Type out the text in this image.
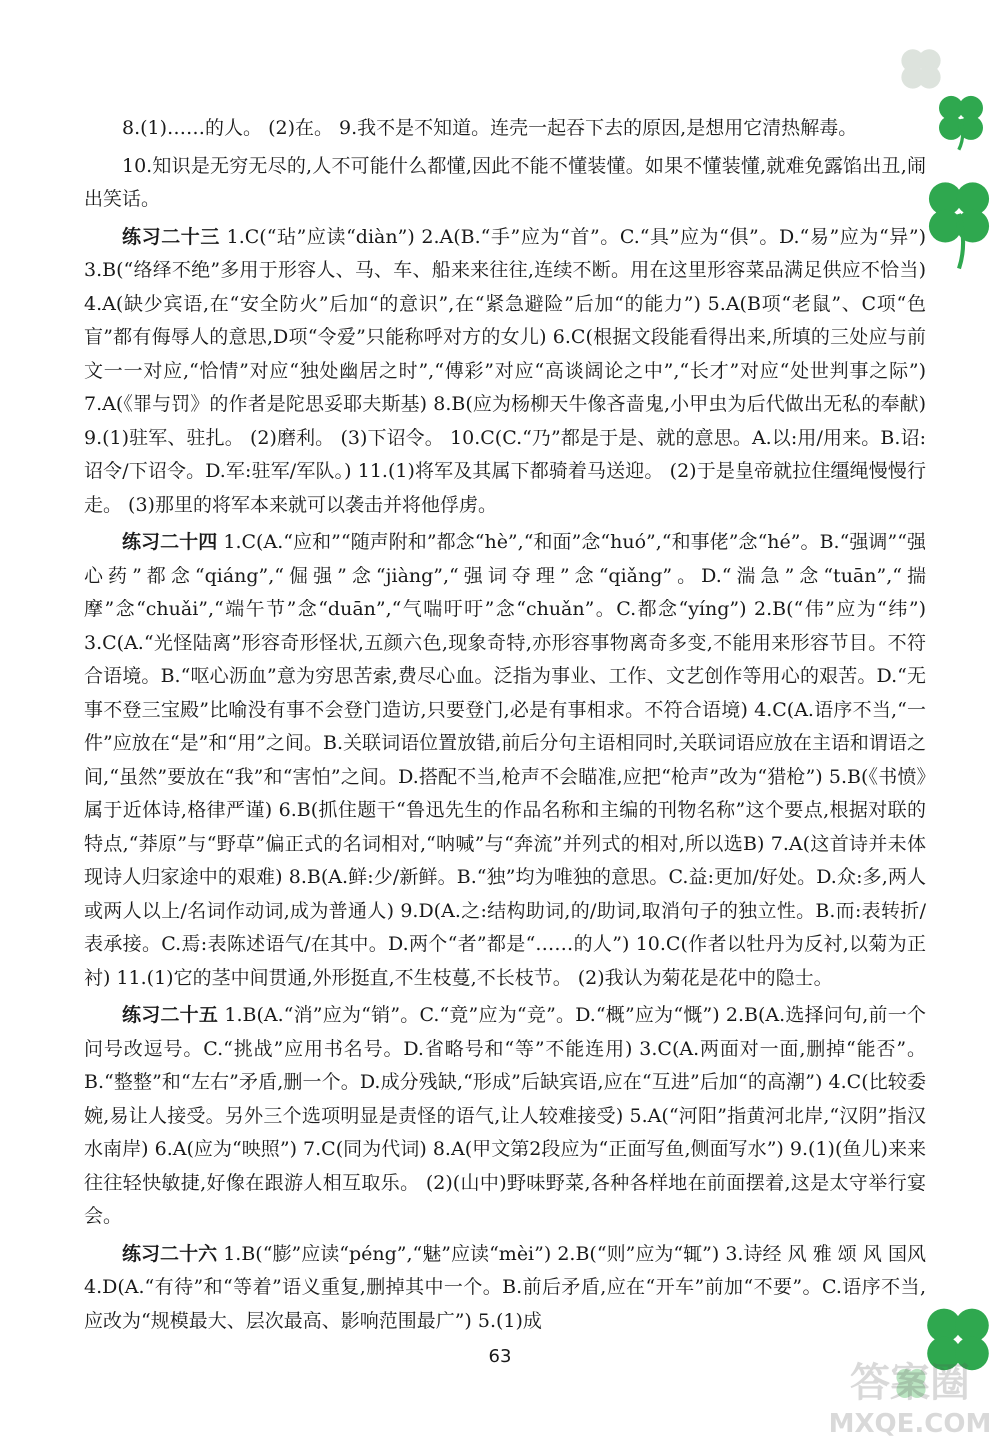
8.(1)……的人。 (2)在。 9.我不是不知道。连壳一起吞下去的原因,是想用它清热解毒。

10.知识是无穷无尽的,人不可能什么都懂,因此不能不懂装懂。如果不懂装懂,就难免露馅出丑,闹出笑话。

练习二十三 1.C(“玷”应读“diàn”) 2.A(B.“手”应为“首”。C.“具”应为“俱”。D.“易”应为“异”) 3.B(“络绎不绝”多用于形容人、马、车、船来来往往,连续不断。用在这里形容菜品满足供应不恰当) 4.A(缺少宾语,在“安全防火”后加“的意识”,在“紧急避险”后加“的能力”) 5.A(B项“老鼠”、C项“色盲”都有侮辱人的意思,D项“令爱”只能称呼对方的女儿) 6.C(根据文段能看得出来,所填的三处应与前文一一对应,“恰情”对应“独处幽居之时”,“傅彩”对应“高谈阔论之中”,“长才”对应“处世判事之际”) 7.A(《罪与罚》的作者是陀思妥耶夫斯基) 8.B(应为杨柳天牛像吝啬鬼,小甲虫为后代做出无私的奉献) 9.(1)驻军、驻扎。 (2)磨利。 (3)下诏令。 10.C(C.“乃”都是于是、就的意思。A.以:用/用来。B.诏:诏令/下诏令。D.军:驻军/军队。) 11.(1)将军及其属下都骑着马送迎。 (2)于是皇帝就拉住缰绳慢慢行走。 (3)那里的将军本来就可以袭击并将他俘虏。

练习二十四 1.C(A.“应和”“随声附和”都念“hè”,“和面”念“huó”,“和事佬”念“hé”。B.“强调”“强心药”都念“qiáng”,“倔强”念“jiàng”,“强词夺理”念“qiǎng”。D.“湍急”念“tuān”,“揣摩”念“chuǎi”,“端午节”念“duān”,“气喘吁吁”念“chuǎn”。C.都念“yíng”) 2.B(“伟”应为“纬”) 3.C(A.“光怪陆离”形容奇形怪状,五颜六色,现象奇特,亦形容事物离奇多变,不能用来形容节目。不符合语境。B.“呕心沥血”意为穷思苦索,费尽心血。泛指为事业、工作、文艺创作等用心的艰苦。D.“无事不登三宝殿”比喻没有事不会登门造访,只要登门,必是有事相求。不符合语境) 4.C(A.语序不当,“一件”应放在“是”和“用”之间。B.关联词语位置放错,前后分句主语相同时,关联词语应放在主语和谓语之间,“虽然”要放在“我”和“害怕”之间。D.搭配不当,枪声不会瞄准,应把“枪声”改为“猎枪”) 5.B(《书愤》属于近体诗,格律严谨) 6.B(抓住题干“鲁迅先生的作品名称和主编的刊物名称”这个要点,根据对联的特点,“莽原”与“野草”偏正式的名词相对,“呐喊”与“奔流”并列式的相对,所以选B) 7.A(这首诗并未体现诗人归家途中的艰难) 8.B(A.鲜:少/新鲜。B.“独”均为唯独的意思。C.益:更加/好处。D.众:多,两人或两人以上/名词作动词,成为普通人) 9.D(A.之:结构助词,的/助词,取消句子的独立性。B.而:表转折/表承接。C.焉:表陈述语气/在其中。D.两个“者”都是“……的人”) 10.C(作者以牡丹为反衬,以菊为正衬) 11.(1)它的茎中间贯通,外形挺直,不生枝蔓,不长枝节。 (2)我认为菊花是花中的隐士。

练习二十五 1.B(A.“消”应为“销”。C.“竟”应为“竞”。D.“概”应为“慨”) 2.B(A.选择问句,前一个问号改逗号。C.“挑战”应用书名号。D.省略号和“等”不能连用) 3.C(A.两面对一面,删掉“能否”。B.“整整”和“左右”矛盾,删一个。D.成分残缺,“形成”后缺宾语,应在“互进”后加“的高潮”) 4.C(比较委婉,易让人接受。另外三个选项明显是责怪的语气,让人较难接受) 5.A(“河阳”指黄河北岸,“汉阴”指汉水南岸) 6.A(应为“映照”) 7.C(同为代词) 8.A(甲文第2段应为“正面写鱼,侧面写水”) 9.(1)(鱼儿)来来往往轻快敏捷,好像在跟游人相互取乐。 (2)(山中)野味野菜,各种各样地在前面摆着,这是太守举行宴会。

练习二十六 1.B(“膨”应读“péng”,“魅”应读“mèi”) 2.B(“则”应为“辄”) 3.诗经 风 雅 颂 风 国风 4.D(A.“有待”和“等着”语义重复,删掉其中一个。B.前后矛盾,应在“开车”前加“不要”。C.语序不当,应改为“规模最大、层次最高、影响范围最广”) 5.(1)成

63
答案圈
MXQE.COM
